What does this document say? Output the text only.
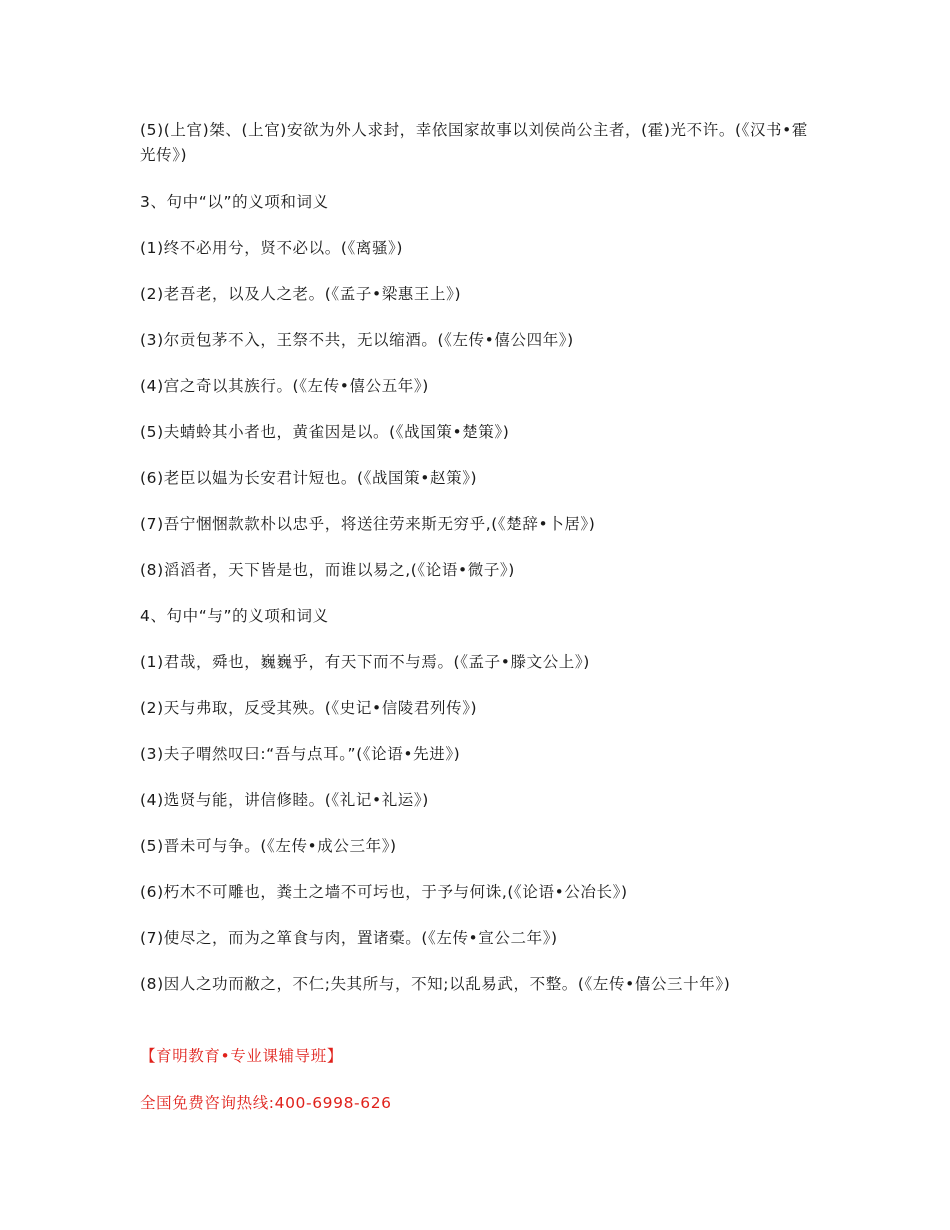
(5)(上官)桀、(上官)安欲为外人求封，幸依国家故事以刘侯尚公主者，(霍)光不许。(《汉书•霍光传》)
3、句中“以”的义项和词义
(1)终不必用兮，贤不必以。(《离骚》)
(2)老吾老，以及人之老。(《孟子•梁惠王上》)
(3)尔贡包茅不入，王祭不共，无以缩酒。(《左传•僖公四年》)
(4)宫之奇以其族行。(《左传•僖公五年》)
(5)夫蜻蛉其小者也，黄雀因是以。(《战国策•楚策》)
(6)老臣以媪为长安君计短也。(《战国策•赵策》)
(7)吾宁悃悃款款朴以忠乎，将送往劳来斯无穷乎,(《楚辞•卜居》)
(8)滔滔者，天下皆是也，而谁以易之,(《论语•微子》)
4、句中“与”的义项和词义
(1)君哉，舜也，巍巍乎，有天下而不与焉。(《孟子•滕文公上》)
(2)天与弗取，反受其殃。(《史记•信陵君列传》)
(3)夫子喟然叹曰:“吾与点耳。”(《论语•先进》)
(4)选贤与能，讲信修睦。(《礼记•礼运》)
(5)晋未可与争。(《左传•成公三年》)
(6)朽木不可雕也，粪土之墙不可圬也，于予与何诛,(《论语•公冶长》)
(7)使尽之，而为之箪食与肉，置诸橐。(《左传•宣公二年》)
(8)因人之功而敝之，不仁;失其所与，不知;以乱易武，不整。(《左传•僖公三十年》)
【育明教育•专业课辅导班】
全国免费咨询热线:400-6998-626
